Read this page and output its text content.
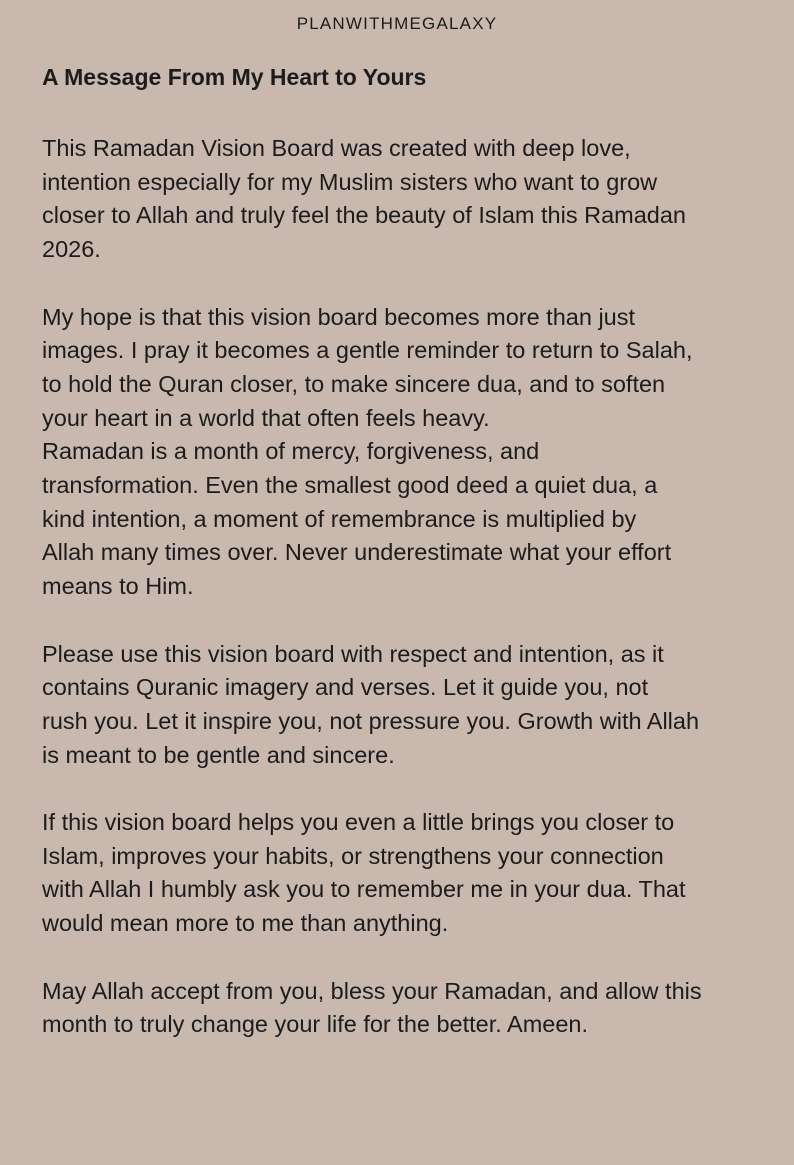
PLANWITHMEGALAXY
A Message From My Heart to Yours

This Ramadan Vision Board was created with deep love,
intention especially for my Muslim sisters who want to grow
closer to Allah and truly feel the beauty of Islam this Ramadan
2026.

My hope is that this vision board becomes more than just
images. I pray it becomes a gentle reminder to return to Salah,
to hold the Quran closer, to make sincere dua, and to soften
your heart in a world that often feels heavy.

Ramadan is a month of mercy, forgiveness, and
transformation. Even the smallest good deed a quiet dua, a
kind intention, a moment of remembrance is multiplied by
Allah many times over. Never underestimate what your effort
means to Him.

Please use this vision board with respect and intention, as it
contains Quranic imagery and verses. Let it guide you, not
rush you. Let it inspire you, not pressure you. Growth with Allah
is meant to be gentle and sincere.

If this vision board helps you even a little brings you closer to
Islam, improves your habits, or strengthens your connection
with Allah I humbly ask you to remember me in your dua. That
would mean more to me than anything.

May Allah accept from you, bless your Ramadan, and allow this
month to truly change your life for the better. Ameen.
